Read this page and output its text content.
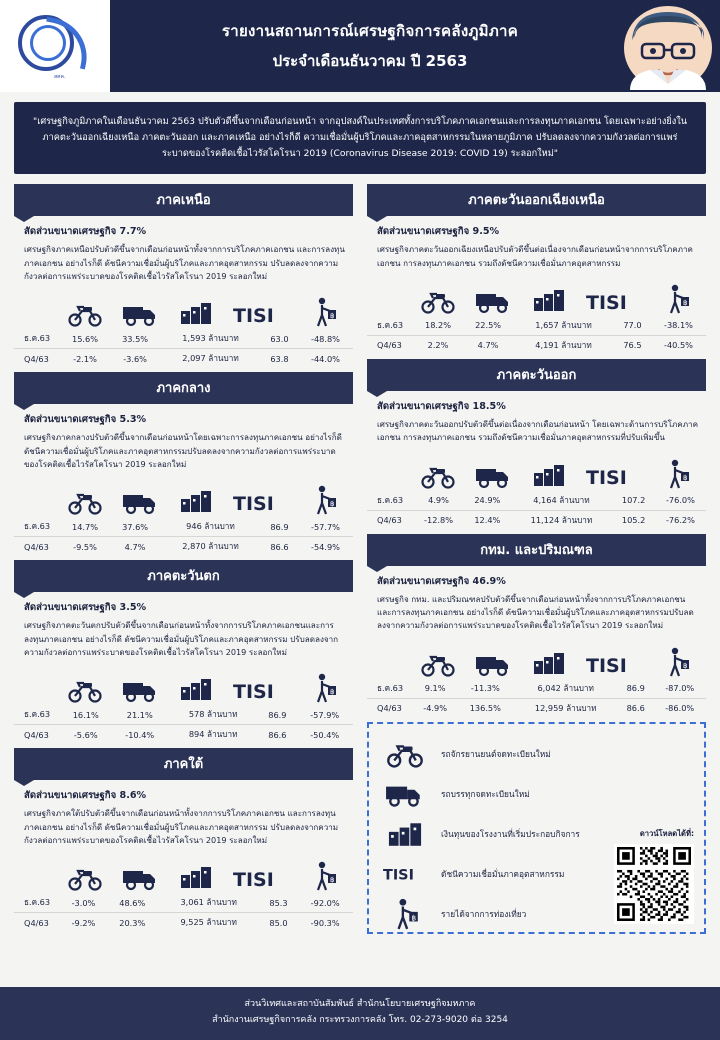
สศค.
รายงานสถานการณ์เศรษฐกิจการคลังภูมิภาค
ประจำเดือนธันวาคม ปี 2563
"เศรษฐกิจภูมิภาคในเดือนธันวาคม 2563 ปรับตัวดีขึ้นจากเดือนก่อนหน้า จากอุปสงค์ในประเทศทั้งการบริโภคภาคเอกชนและการลงทุนภาคเอกชน โดยเฉพาะอย่างยิ่งในภาคตะวันออกเฉียงเหนือ ภาคตะวันออก และภาคเหนือ อย่างไรก็ดี ความเชื่อมั่นผู้บริโภคและภาคอุตสาหกรรมในหลายภูมิภาค ปรับลดลงจากความกังวลต่อการแพร่ระบาดของโรคติดเชื้อไวรัสโคโรนา 2019 (Coronavirus Disease 2019: COVID 19) ระลอกใหม่"
ภาคเหนือ
สัดส่วนขนาดเศรษฐกิจ 7.7%
เศรษฐกิจภาคเหนือปรับตัวดีขึ้นจากเดือนก่อนหน้าทั้งจากการบริโภคภาคเอกชน และการลงทุนภาคเอกชน อย่างไรก็ดี ดัชนีความเชื่อมั่นผู้บริโภคและภาคอุตสาหกรรม ปรับลดลงจากความกังวลต่อการแพร่ระบาดของโรคติดเชื้อไวรัสโคโรนา 2019 ระลอกใหม่
TISI	฿
ธ.ค.63	15.6%	33.5%	1,593 ล้านบาท	63.0	-48.8%
Q4/63	-2.1%	-3.6%	2,097 ล้านบาท	63.8	-44.0%
ภาคกลาง
สัดส่วนขนาดเศรษฐกิจ 5.3%
เศรษฐกิจภาคกลางปรับตัวดีขึ้นจากเดือนก่อนหน้าโดยเฉพาะการลงทุนภาคเอกชน อย่างไรก็ดี ดัชนีความเชื่อมั่นผู้บริโภคและภาคอุตสาหกรรมปรับลดลงจากความกังวลต่อการแพร่ระบาดของโรคติดเชื้อไวรัสโคโรนา 2019 ระลอกใหม่
TISI	฿
ธ.ค.63	14.7%	37.6%	946 ล้านบาท	86.9	-57.7%
Q4/63	-9.5%	4.7%	2,870 ล้านบาท	86.6	-54.9%
ภาคตะวันตก
สัดส่วนขนาดเศรษฐกิจ 3.5%
เศรษฐกิจภาคตะวันตกปรับตัวดีขึ้นจากเดือนก่อนหน้าทั้งจากการบริโภคภาคเอกชนและการลงทุนภาคเอกชน อย่างไรก็ดี ดัชนีความเชื่อมั่นผู้บริโภคและภาคอุตสาหกรรม ปรับลดลงจากความกังวลต่อการแพร่ระบาดของโรคติดเชื้อไวรัสโคโรนา 2019 ระลอกใหม่
TISI	฿
ธ.ค.63	16.1%	21.1%	578 ล้านบาท	86.9	-57.9%
Q4/63	-5.6%	-10.4%	894 ล้านบาท	86.6	-50.4%
ภาคใต้
สัดส่วนขนาดเศรษฐกิจ 8.6%
เศรษฐกิจภาคใต้ปรับตัวดีขึ้นจากเดือนก่อนหน้าทั้งจากการบริโภคภาคเอกชน และการลงทุนภาคเอกชน อย่างไรก็ดี ดัชนีความเชื่อมั่นผู้บริโภคและภาคอุตสาหกรรม ปรับลดลงจากความกังวลต่อการแพร่ระบาดของโรคติดเชื้อไวรัสโคโรนา 2019 ระลอกใหม่
TISI	฿
ธ.ค.63	-3.0%	48.6%	3,061 ล้านบาท	85.3	-92.0%
Q4/63	-9.2%	20.3%	9,525 ล้านบาท	85.0	-90.3%
ภาคตะวันออกเฉียงเหนือ
สัดส่วนขนาดเศรษฐกิจ 9.5%
เศรษฐกิจภาคตะวันออกเฉียงเหนือปรับตัวดีขึ้นต่อเนื่องจากเดือนก่อนหน้าจากการบริโภคภาคเอกชน การลงทุนภาคเอกชน รวมถึงดัชนีความเชื่อมั่นภาคอุตสาหกรรม
TISI	฿
ธ.ค.63	18.2%	22.5%	1,657 ล้านบาท	77.0	-38.1%
Q4/63	2.2%	4.7%	4,191 ล้านบาท	76.5	-40.5%
ภาคตะวันออก
สัดส่วนขนาดเศรษฐกิจ 18.5%
เศรษฐกิจภาคตะวันออกปรับตัวดีขึ้นต่อเนื่องจากเดือนก่อนหน้า โดยเฉพาะด้านการบริโภคภาคเอกชน การลงทุนภาคเอกชน รวมถึงดัชนีความเชื่อมั่นภาคอุตสาหกรรมที่ปรับเพิ่มขึ้น
TISI	฿
ธ.ค.63	4.9%	24.9%	4,164 ล้านบาท	107.2	-76.0%
Q4/63	-12.8%	12.4%	11,124 ล้านบาท	105.2	-76.2%
กทม. และปริมณฑล
สัดส่วนขนาดเศรษฐกิจ 46.9%
เศรษฐกิจ กทม. และปริมณฑลปรับตัวดีขึ้นจากเดือนก่อนหน้าทั้งจากการบริโภคภาคเอกชน และการลงทุนภาคเอกชน อย่างไรก็ดี ดัชนีความเชื่อมั่นผู้บริโภคและภาคอุตสาหกรรมปรับลดลงจากความกังวลต่อการแพร่ระบาดของโรคติดเชื้อไวรัสโคโรนา 2019 ระลอกใหม่
TISI	฿
ธ.ค.63	9.1%	-11.3%	6,042 ล้านบาท	86.9	-87.0%
Q4/63	-4.9%	136.5%	12,959 ล้านบาท	86.6	-86.0%
รถจักรยานยนต์จดทะเบียนใหม่
รถบรรทุกจดทะเบียนใหม่
เงินทุนของโรงงานที่เริ่มประกอบกิจการ
TISI	ดัชนีความเชื่อมั่นภาคอุตสาหกรรม
฿	รายได้จากการท่องเที่ยว
ดาวน์โหลดได้ที่:
ส่วนวิเทศและสถาบันสัมพันธ์ สำนักนโยบายเศรษฐกิจมหภาค
สำนักงานเศรษฐกิจการคลัง กระทรวงการคลัง โทร. 02-273-9020 ต่อ 3254
